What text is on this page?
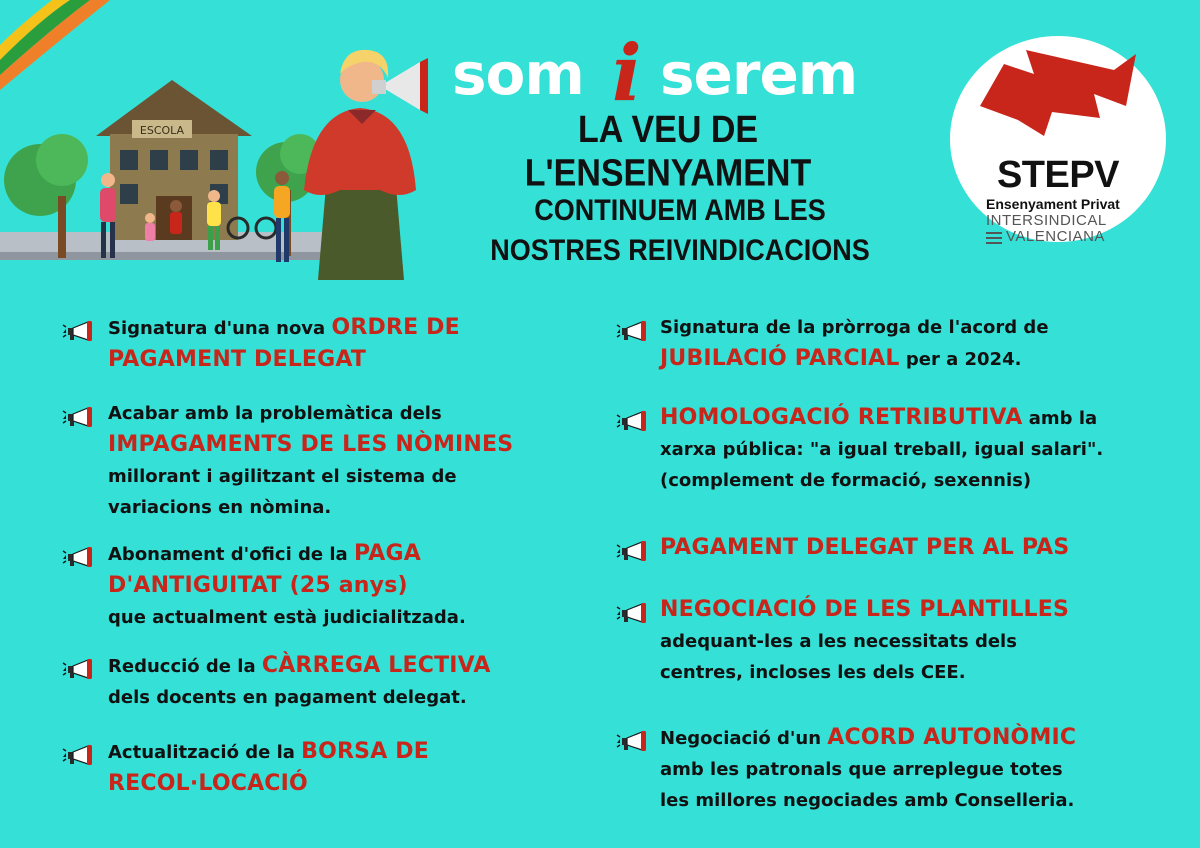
ESCOLA
som i serem
LA VEU DE L'ENSENYAMENT
CONTINUEM AMB LES
NOSTRES REIVINDICACIONS
STEPV
Ensenyament Privat
INTERSINDICAL
VALENCIANA
Signatura d'una nova ORDRE DE
PAGAMENT DELEGAT
Acabar amb la problemàtica dels
IMPAGAMENTS DE LES NÒMINES
millorant i agilitzant el sistema de
variacions en nòmina.
Abonament d'ofici de la PAGA
D'ANTIGUITAT (25 anys)
que actualment està judicialitzada.
Reducció de la CÀRREGA LECTIVA
dels docents en pagament delegat.
Actualització de la BORSA DE
RECOL·LOCACIÓ
Signatura de la pròrroga de l'acord de
JUBILACIÓ PARCIAL per a 2024.
HOMOLOGACIÓ RETRIBUTIVA amb la
xarxa pública: "a igual treball, igual salari".
(complement de formació, sexennis)
PAGAMENT DELEGAT PER AL PAS
NEGOCIACIÓ DE LES PLANTILLES
adequant-les a les necessitats dels
centres, incloses les dels CEE.
Negociació d'un ACORD AUTONÒMIC
amb les patronals que arreplegue totes
les millores negociades amb Conselleria.
